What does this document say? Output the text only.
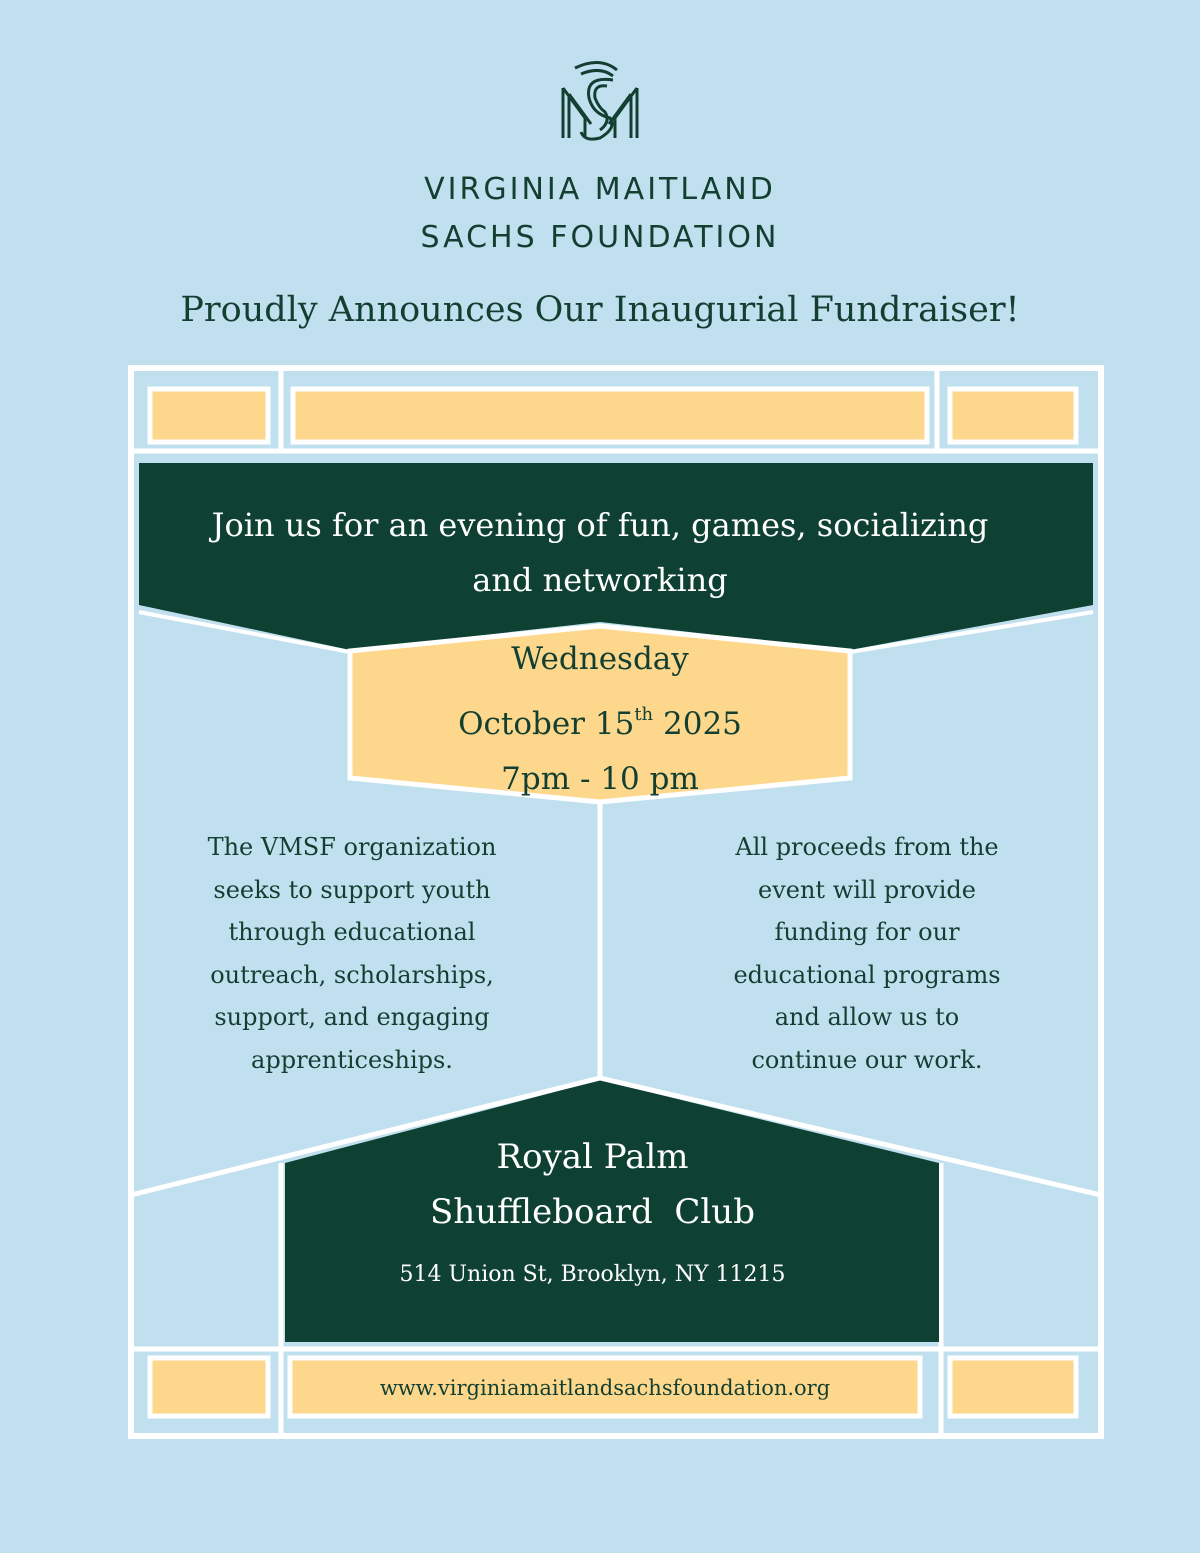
VIRGINIA MAITLAND
SACHS FOUNDATION
Proudly Announces Our Inaugurial Fundraiser!
Join us for an evening of fun, games, socializing
and networking
Wednesday
October 15th 2025
7pm - 10 pm
The VMSF organization
seeks to support youth
through educational
outreach, scholarships,
support, and engaging
apprenticeships.
All proceeds from the
event will provide
funding for our
educational programs
and allow us to
continue our work.
Royal Palm
Shuffleboard  Club
514 Union St, Brooklyn, NY 11215
www.virginiamaitlandsachsfoundation.org
